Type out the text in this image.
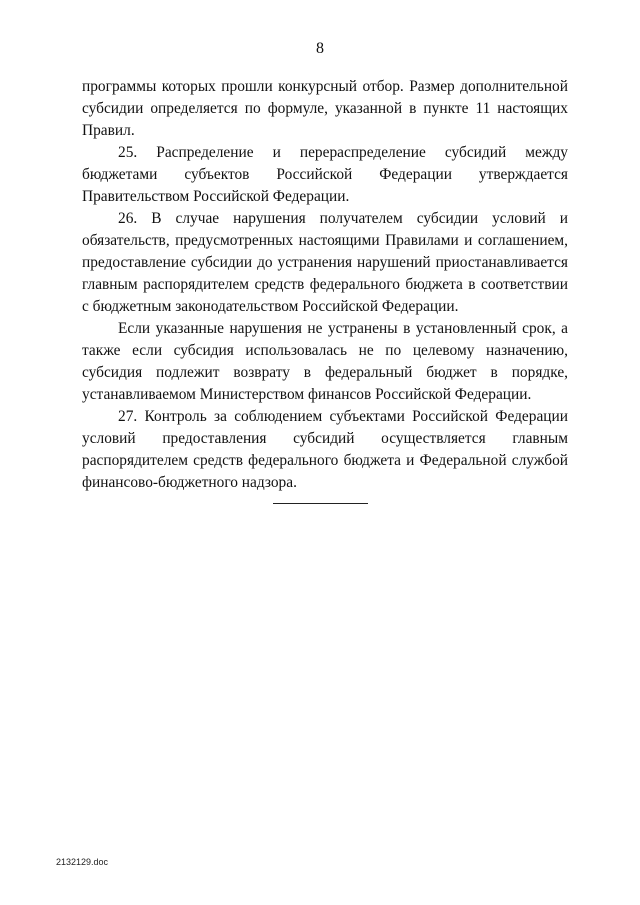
8

программы которых прошли конкурсный отбор. Размер дополнительной субсидии определяется по формуле, указанной в пункте 11 настоящих Правил.

25. Распределение и перераспределение субсидий между бюджетами субъектов Российской Федерации утверждается Правительством Российской Федерации.

26. В случае нарушения получателем субсидии условий и обязательств, предусмотренных настоящими Правилами и соглашением, предоставление субсидии до устранения нарушений приостанавливается главным распорядителем средств федерального бюджета в соответствии с бюджетным законодательством Российской Федерации.

Если указанные нарушения не устранены в установленный срок, а также если субсидия использовалась не по целевому назначению, субсидия подлежит возврату в федеральный бюджет в порядке, устанавливаемом Министерством финансов Российской Федерации.

27. Контроль за соблюдением субъектами Российской Федерации условий предоставления субсидий осуществляется главным распорядителем средств федерального бюджета и Федеральной службой финансово-бюджетного надзора.

2132129.doc
